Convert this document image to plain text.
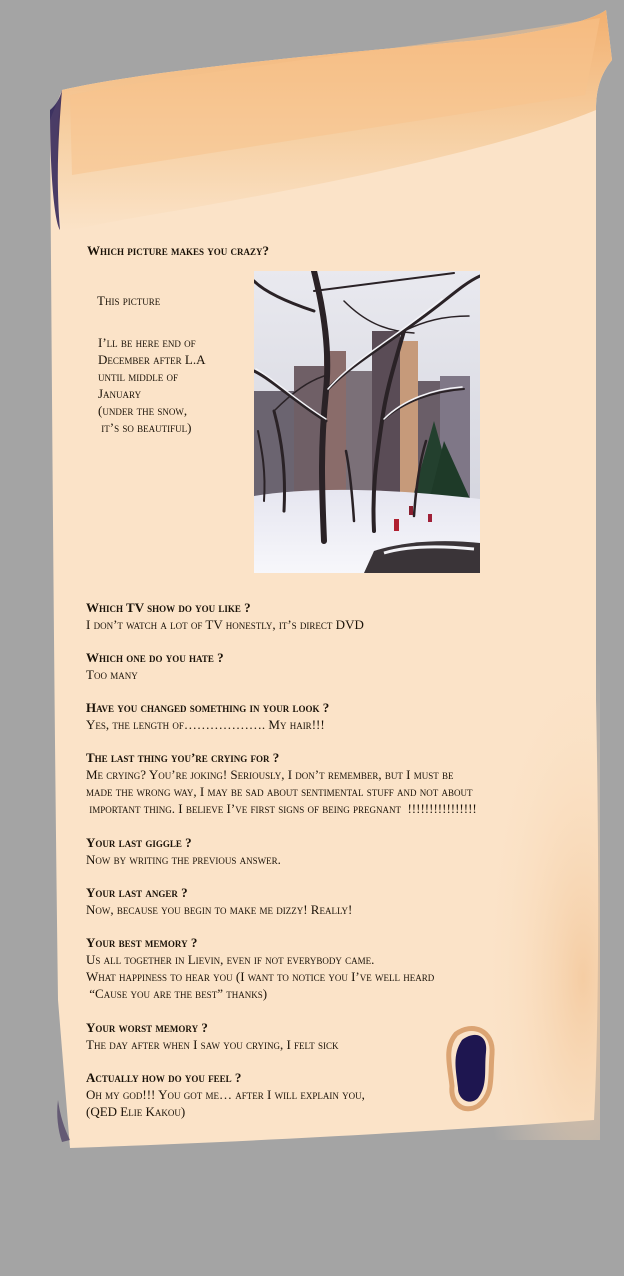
Which picture makes you crazy?
This picture
I’ll be here end of
December after L.A
until middle of
January
(under the snow,
it’s so beautiful)
Which TV show do you like ?
I don’t watch a lot of TV honestly, it’s direct DVD
Which one do you hate ?
Too many
Have you changed something in your look ?
Yes, the length of………………. My hair!!!
The last thing you’re crying for ?
Me crying? You’re joking! Seriously, I don’t remember, but I must be
made the wrong way, I may be sad about sentimental stuff and not about
important thing. I believe I’ve first signs of being pregnant  !!!!!!!!!!!!!!!!
Your last giggle ?
Now by writing the previous answer.
Your last anger ?
Now, because you begin to make me dizzy! Really!
Your best memory ?
Us all together in Lievin, even if not everybody came.
What happiness to hear you (I want to notice you I’ve well heard
“Cause you are the best” thanks)
Your worst memory ?
The day after when I saw you crying, I felt sick
Actually how do you feel ?
Oh my god!!! You got me… after I will explain you,
(QED Elie Kakou)
